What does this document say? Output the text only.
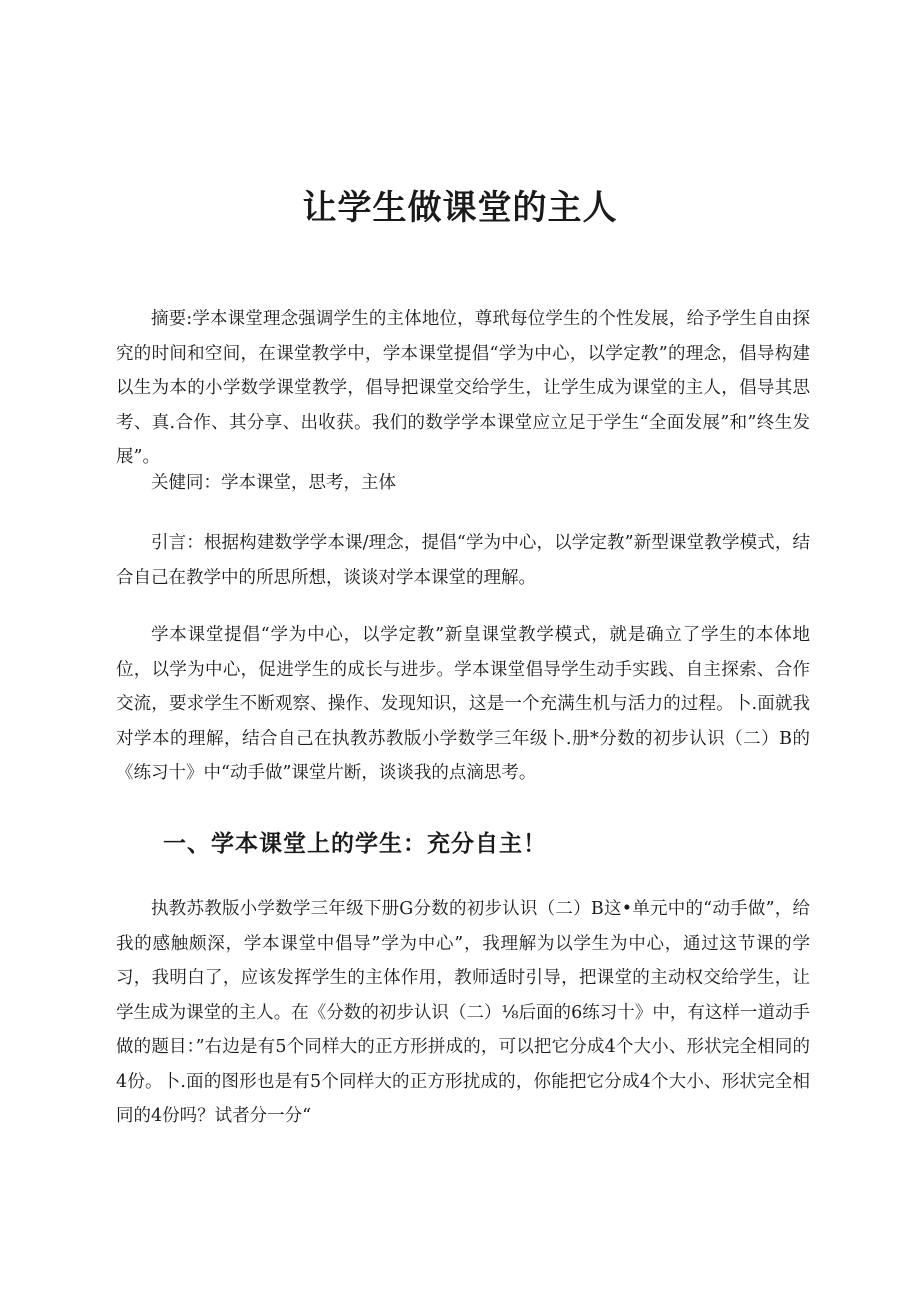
让学生做课堂的主人

摘要:学本课堂理念强调学生的主体地位，尊玳每位学生的个性发展，给予学生自由探究的时间和空间，在课堂教学中，学本课堂提倡“学为中心，以学定教”的理念，倡导构建以生为本的小学数学课堂教学，倡导把课堂交给学生，让学生成为课堂的主人，倡导其思考、真.合作、其分享、出收获。我们的数学学本课堂应立足于学生“全面发展”和”终生发展”。

关健同：学本课堂，思考，主体

引言：根据构建数学学本课/理念，提倡“学为中心，以学定教”新型课堂教学模式，结合自己在教学中的所思所想，谈谈对学本课堂的理解。

学本课堂提倡“学为中心，以学定教”新皇课堂教学模式，就是确立了学生的本体地位，以学为中心，促进学生的成长与进步。学本课堂倡导学生动手实践、自主探索、合作交流，要求学生不断观察、操作、发现知识，这是一个充满生机与活力的过程。卜.面就我对学本的理解，结合自己在执教苏教版小学数学三年级卜.册*分数的初步认识（二）B的《练习十》中“动手做”课堂片断，谈谈我的点滴思考。

一、学本课堂上的学生：充分自主！

执教苏教版小学数学三年级下册G分数的初步认识（二）B这•单元中的“动手做”，给我的感触颇深，学本课堂中倡导”学为中心”，我理解为以学生为中心，通过这节课的学习，我明白了，应该发挥学生的主体作用，教师适时引导，把课堂的主动权交给学生，让学生成为课堂的主人。在《分数的初步认识（二）⅛后面的6练习十》中，有这样一道动手做的题目：”右边是有5个同样大的正方形拼成的，可以把它分成4个大小、形状完全相同的4份。卜.面的图形也是有5个同样大的正方形扰成的，你能把它分成4个大小、形状完全相同的4份吗？试者分一分“
